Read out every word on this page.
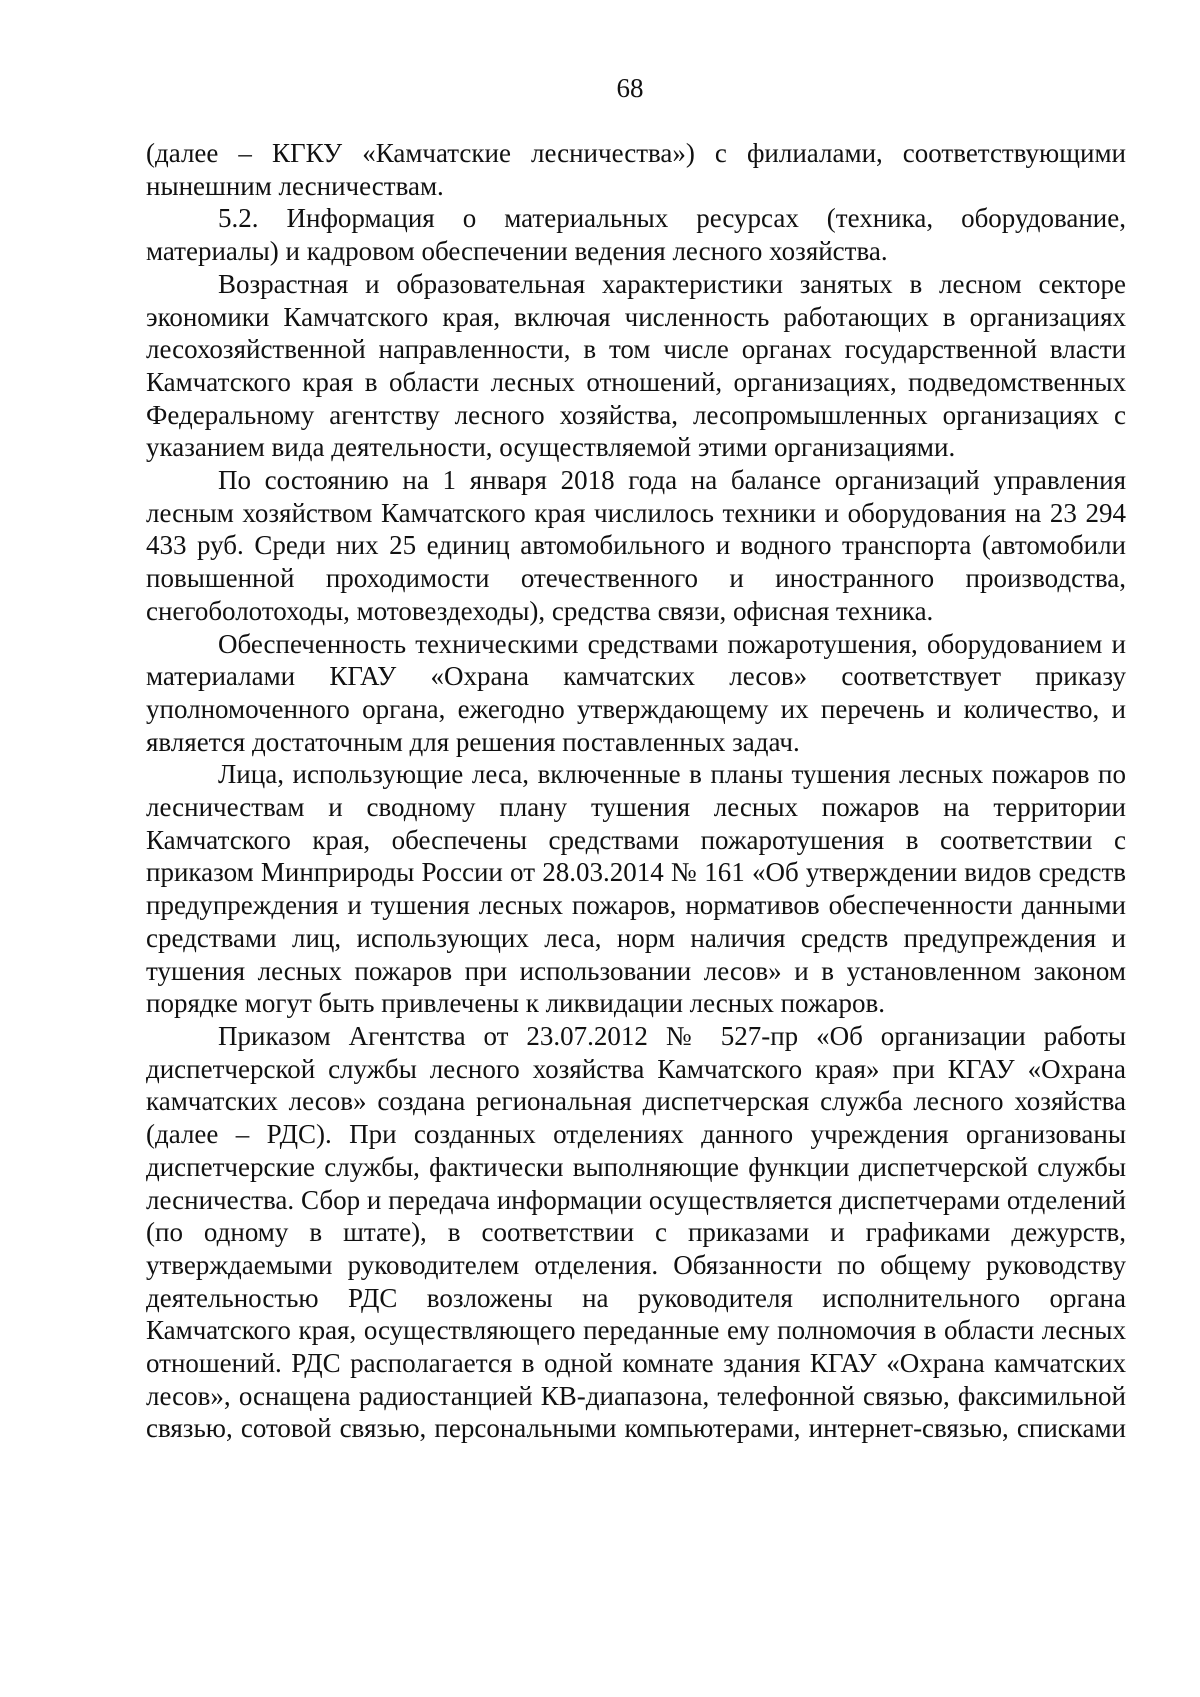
68

(далее – КГКУ «Камчатские лесничества») с филиалами, соответствующими нынешним лесничествам.

5.2. Информация о материальных ресурсах (техника, оборудование, материалы) и кадровом обеспечении ведения лесного хозяйства.

Возрастная и образовательная характеристики занятых в лесном секторе экономики Камчатского края, включая численность работающих в организациях лесохозяйственной направленности, в том числе органах государственной власти Камчатского края в области лесных отношений, организациях, подведомственных Федеральному агентству лесного хозяйства, лесопромышленных организациях с указанием вида деятельности, осуществляемой этими организациями.

По состоянию на 1 января 2018 года на балансе организаций управления лесным хозяйством Камчатского края числилось техники и оборудования на 23 294 433 руб. Среди них 25 единиц автомобильного и водного транспорта (автомобили повышенной проходимости отечественного и иностранного производства, снегоболотоходы, мотовездеходы), средства связи, офисная техника.

Обеспеченность техническими средствами пожаротушения, оборудованием и материалами КГАУ «Охрана камчатских лесов» соответствует приказу уполномоченного органа, ежегодно утверждающему их перечень и количество, и является достаточным для решения поставленных задач.

Лица, использующие леса, включенные в планы тушения лесных пожаров по лесничествам и сводному плану тушения лесных пожаров на территории Камчатского края, обеспечены средствами пожаротушения в соответствии с приказом Минприроды России от 28.03.2014 № 161 «Об утверждении видов средств предупреждения и тушения лесных пожаров, нормативов обеспеченности данными средствами лиц, использующих леса, норм наличия средств предупреждения и тушения лесных пожаров при использовании лесов» и в установленном законом порядке могут быть привлечены к ликвидации лесных пожаров.

Приказом Агентства от 23.07.2012 № 527-пр «Об организации работы диспетчерской службы лесного хозяйства Камчатского края» при КГАУ «Охрана камчатских лесов» создана региональная диспетчерская служба лесного хозяйства (далее – РДС). При созданных отделениях данного учреждения организованы диспетчерские службы, фактически выполняющие функции диспетчерской службы лесничества. Сбор и передача информации осуществляется диспетчерами отделений (по одному в штате), в соответствии с приказами и графиками дежурств, утверждаемыми руководителем отделения. Обязанности по общему руководству деятельностью РДС возложены на руководителя исполнительного органа Камчатского края, осуществляющего переданные ему полномочия в области лесных отношений. РДС располагается в одной комнате здания КГАУ «Охрана камчатских лесов», оснащена радиостанцией КВ-диапазона, телефонной связью, факсимильной связью, сотовой связью, персональными компьютерами, интернет-связью, списками
